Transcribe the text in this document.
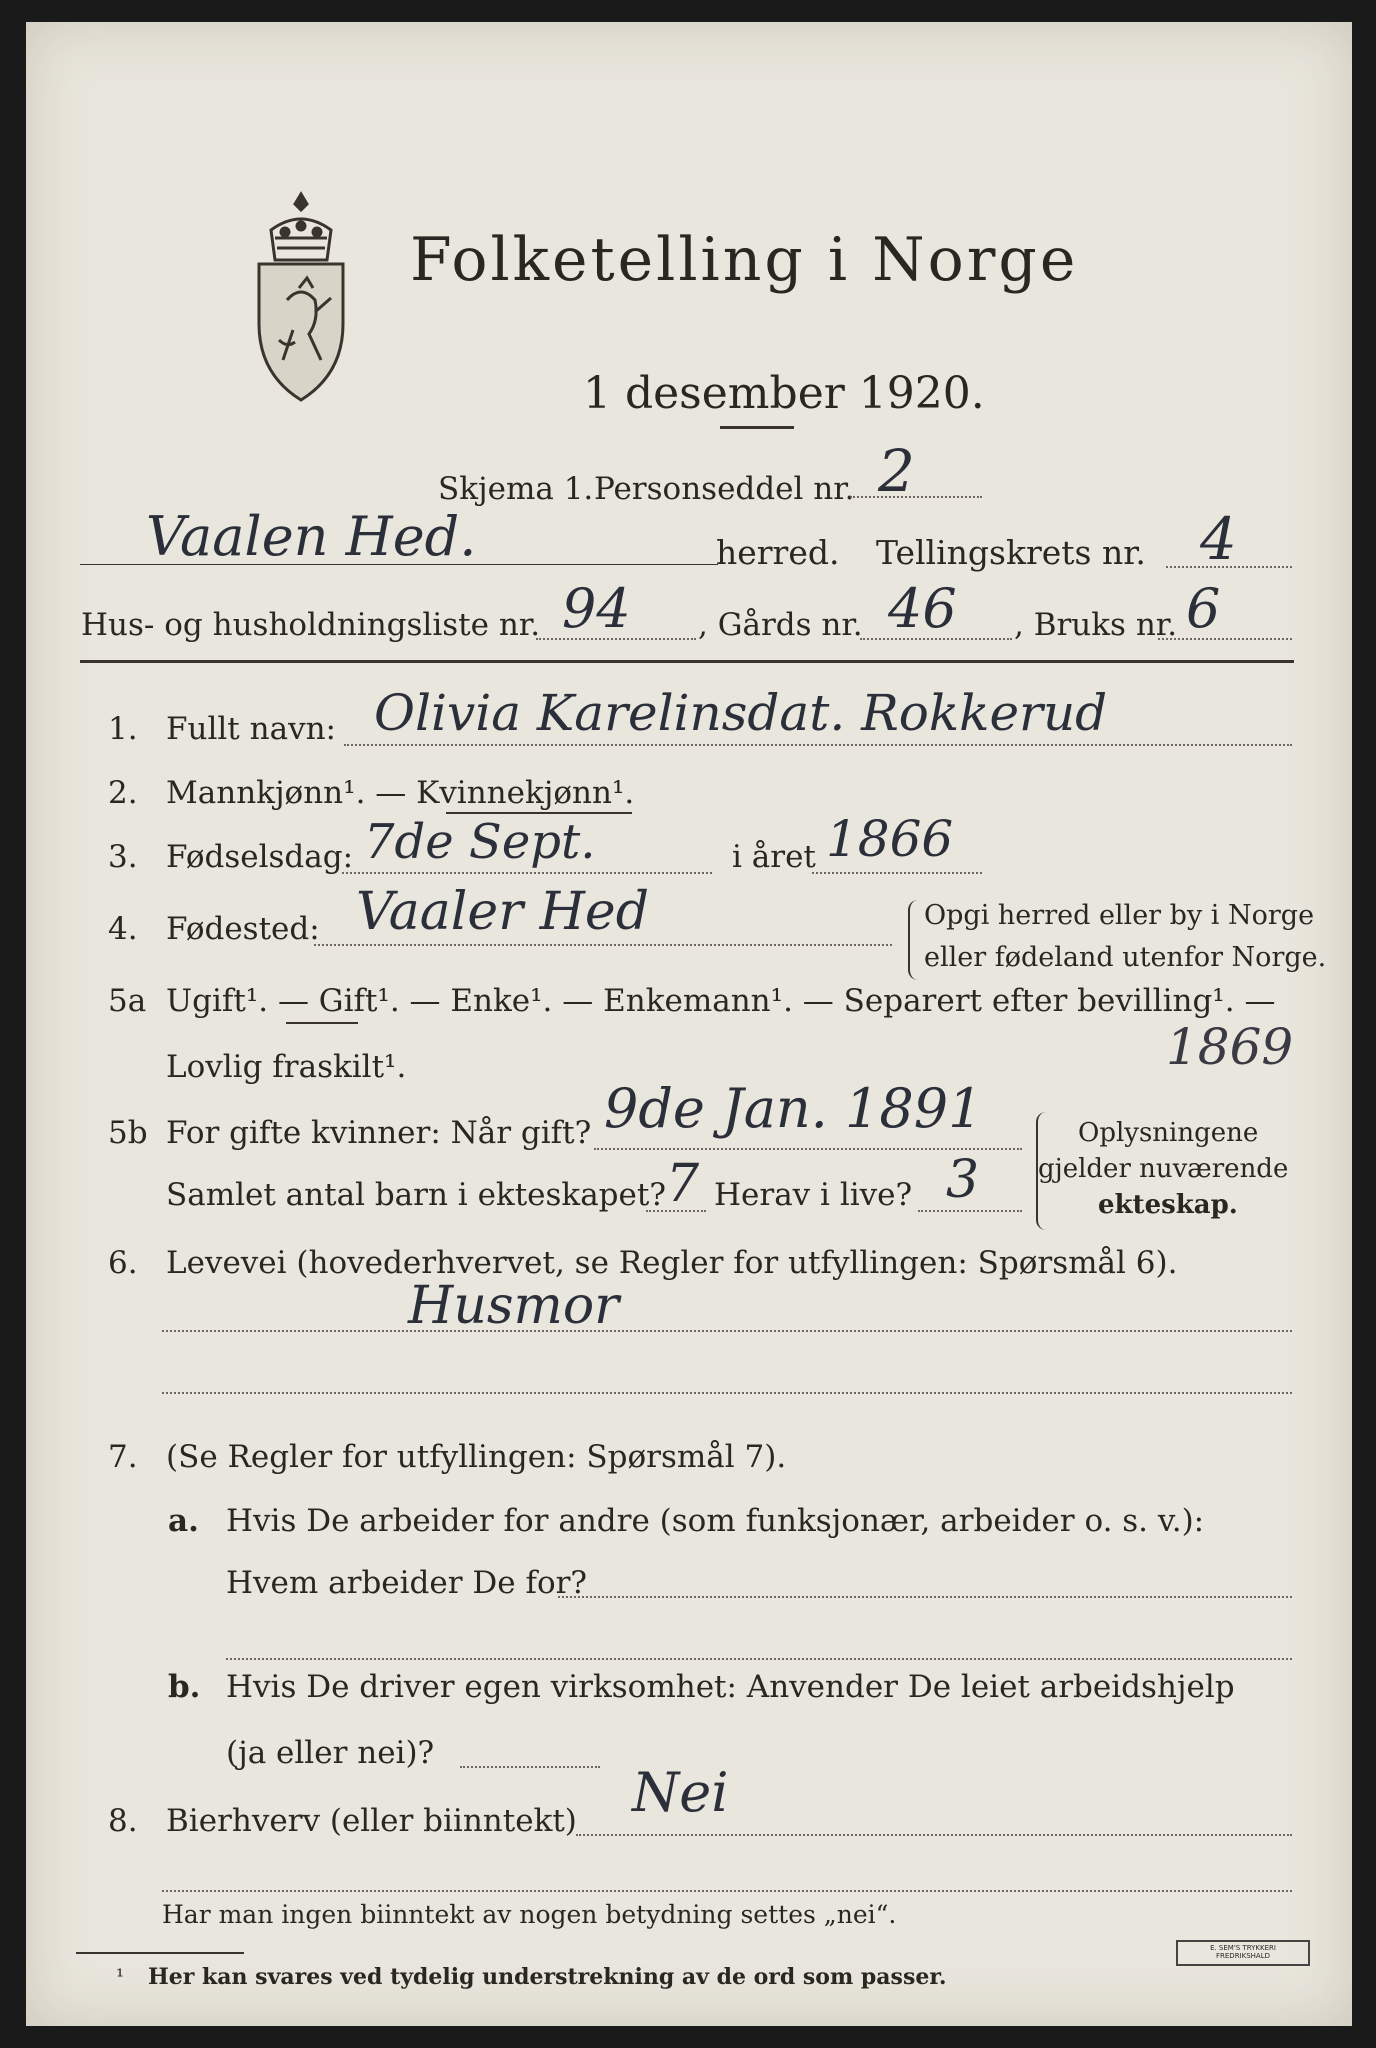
Folketelling i Norge
1 desember 1920.
Skjema 1. Personseddel nr. 2
Vaalen Hed.	herred. Tellingskrets nr. 4
Hus- og husholdningsliste nr. 94 , Gårds nr. 46 , Bruks nr. 6
1. Fullt navn: Olivia Karelinsdat. Rokkerud
2. Mannkjønn¹. — Kvinnekjønn¹.
3. Fødselsdag: 7de Sept.	i året 1866
4. Fødested: Vaaler Hed	Opgi herred eller by i Norge
eller fødeland utenfor Norge.
5a Ugift¹. — Gift¹. — Enke¹. — Enkemann¹. — Separert efter bevilling¹. —
Lovlig fraskilt¹.	1869
5b For gifte kvinner: Når gift? 9de Jan. 1891
Samlet antal barn i ekteskapet? 7 Herav i live? 3
Oplysningene
gjelder nuværende
ekteskap.
6. Levevei (hovederhvervet, se Regler for utfyllingen: Spørsmål 6).
Husmor
7. (Se Regler for utfyllingen: Spørsmål 7).
a. Hvis De arbeider for andre (som funksjonær, arbeider o. s. v.):
Hvem arbeider De for?
b. Hvis De driver egen virksomhet: Anvender De leiet arbeidshjelp
(ja eller nei)?
8. Bierhverv (eller biinntekt) Nei
Har man ingen biinntekt av nogen betydning settes „nei“.
¹ Her kan svares ved tydelig understrekning av de ord som passer.
E. SEM'S TRYKKERI
FREDRIKSHALD
